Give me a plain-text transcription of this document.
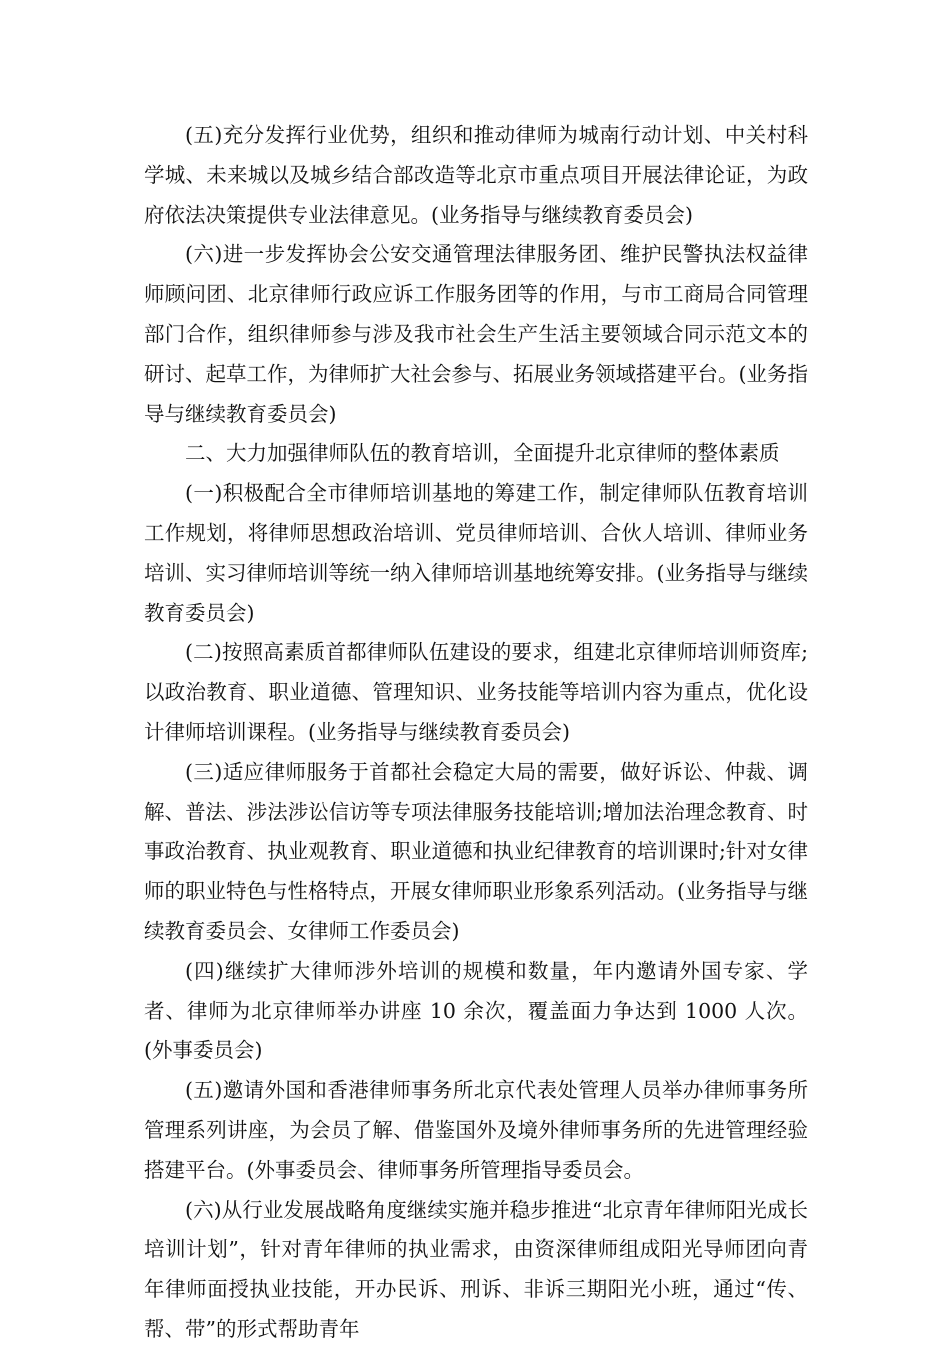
(五)充分发挥行业优势，组织和推动律师为城南行动计划、中关村科学城、未来城以及城乡结合部改造等北京市重点项目开展法律论证，为政府依法决策提供专业法律意见。(业务指导与继续教育委员会)

(六)进一步发挥协会公安交通管理法律服务团、维护民警执法权益律师顾问团、北京律师行政应诉工作服务团等的作用，与市工商局合同管理部门合作，组织律师参与涉及我市社会生产生活主要领域合同示范文本的研讨、起草工作，为律师扩大社会参与、拓展业务领域搭建平台。(业务指导与继续教育委员会)

二、大力加强律师队伍的教育培训，全面提升北京律师的整体素质

(一)积极配合全市律师培训基地的筹建工作，制定律师队伍教育培训工作规划，将律师思想政治培训、党员律师培训、合伙人培训、律师业务培训、实习律师培训等统一纳入律师培训基地统筹安排。(业务指导与继续教育委员会)

(二)按照高素质首都律师队伍建设的要求，组建北京律师培训师资库;以政治教育、职业道德、管理知识、业务技能等培训内容为重点，优化设计律师培训课程。(业务指导与继续教育委员会)

(三)适应律师服务于首都社会稳定大局的需要，做好诉讼、仲裁、调解、普法、涉法涉讼信访等专项法律服务技能培训;增加法治理念教育、时事政治教育、执业观教育、职业道德和执业纪律教育的培训课时;针对女律师的职业特色与性格特点，开展女律师职业形象系列活动。(业务指导与继续教育委员会、女律师工作委员会)

(四)继续扩大律师涉外培训的规模和数量，年内邀请外国专家、学者、律师为北京律师举办讲座 10 余次，覆盖面力争达到 1000 人次。(外事委员会)

(五)邀请外国和香港律师事务所北京代表处管理人员举办律师事务所管理系列讲座，为会员了解、借鉴国外及境外律师事务所的先进管理经验搭建平台。(外事委员会、律师事务所管理指导委员会。

(六)从行业发展战略角度继续实施并稳步推进“北京青年律师阳光成长培训计划”，针对青年律师的执业需求，由资深律师组成阳光导师团向青年律师面授执业技能，开办民诉、刑诉、非诉三期阳光小班，通过“传、帮、带”的形式帮助青年
